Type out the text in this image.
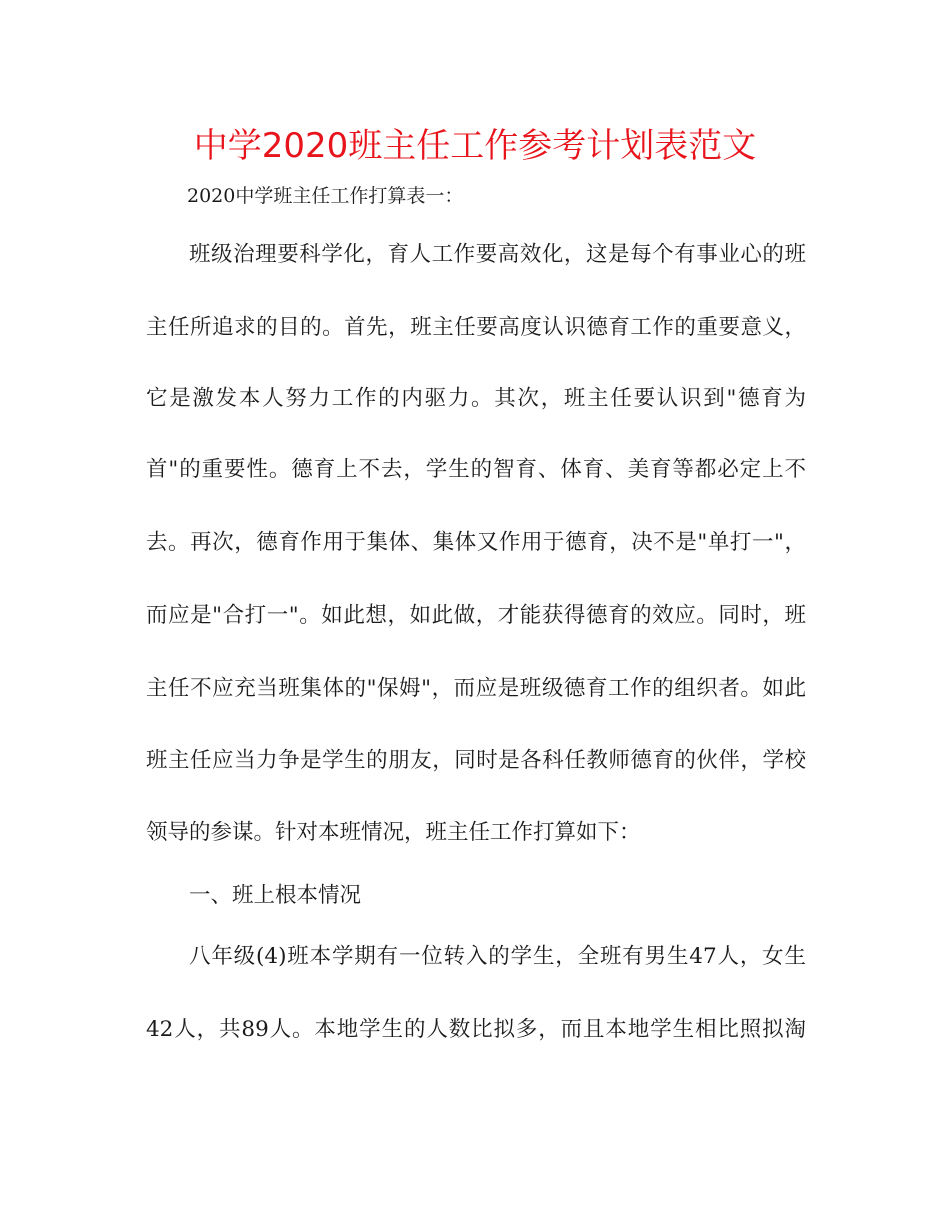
中学2020班主任工作参考计划表范文
2020中学班主任工作打算表一：
班级治理要科学化，育人工作要高效化，这是每个有事业心的班
主任所追求的目的。首先，班主任要高度认识德育工作的重要意义，
它是激发本人努力工作的内驱力。其次，班主任要认识到"德育为
首"的重要性。德育上不去，学生的智育、体育、美育等都必定上不
去。再次，德育作用于集体、集体又作用于德育，决不是"单打一"，
而应是"合打一"。如此想，如此做，才能获得德育的效应。同时，班
主任不应充当班集体的"保姆"，而应是班级德育工作的组织者。如此
班主任应当力争是学生的朋友，同时是各科任教师德育的伙伴，学校
领导的参谋。针对本班情况，班主任工作打算如下：
一、班上根本情况
八年级(4)班本学期有一位转入的学生，全班有男生47人，女生
42人，共89人。本地学生的人数比拟多，而且本地学生相比照拟淘
